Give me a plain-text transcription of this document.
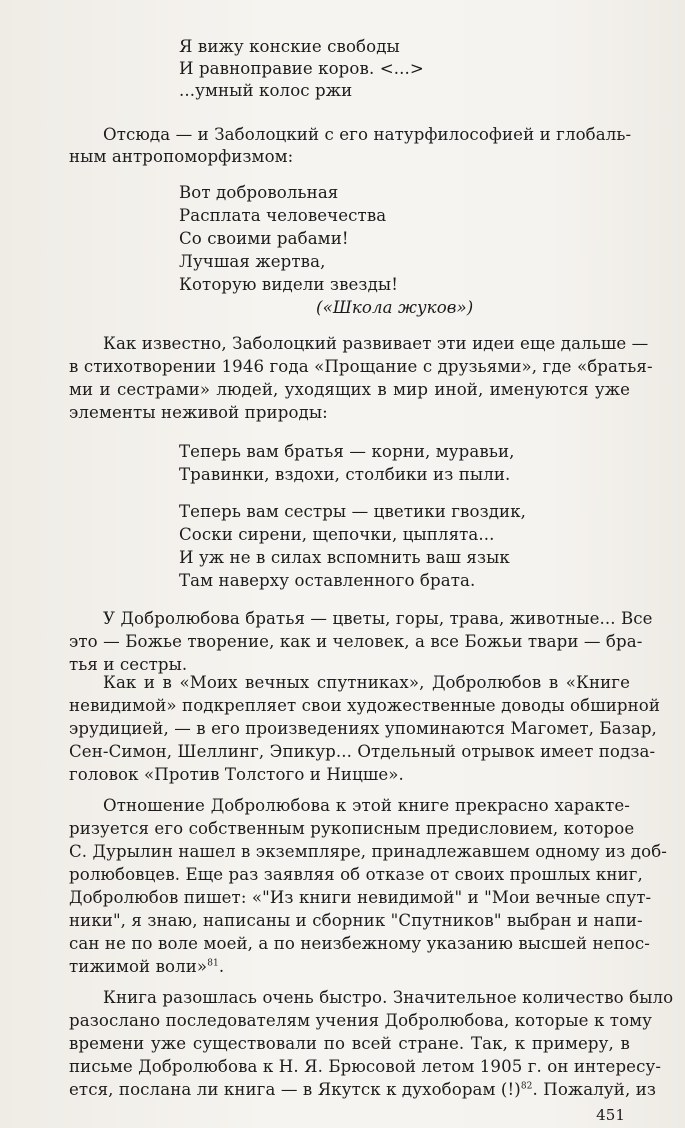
Я вижу конские свободы
И равноправие коров. <...>
...умный колос ржи
Отсюда — и Заболоцкий с его натурфилософией и глобаль-
ным антропоморфизмом:
Вот добровольная
Расплата человечества
Со своими рабами!
Лучшая жертва,
Которую видели звезды!
(«Школа жуков»)
Как известно, Заболоцкий развивает эти идеи еще дальше —
в стихотворении 1946 года «Прощание с друзьями», где «братья-
ми и сестрами» людей, уходящих в мир иной, именуются уже
элементы неживой природы:
Теперь вам братья — корни, муравьи,
Травинки, вздохи, столбики из пыли.
Теперь вам сестры — цветики гвоздик,
Соски сирени, щепочки, цыплята...
И уж не в силах вспомнить ваш язык
Там наверху оставленного брата.
У Добролюбова братья — цветы, горы, трава, животные... Все
это — Божье творение, как и человек, а все Божьи твари — бра-
тья и сестры.
Как и в «Моих вечных спутниках», Добролюбов в «Книге
невидимой» подкрепляет свои художественные доводы обширной
эрудицией, — в его произведениях упоминаются Магомет, Базар,
Сен-Симон, Шеллинг, Эпикур... Отдельный отрывок имеет подза-
головок «Против Толстого и Ницше».
Отношение Добролюбова к этой книге прекрасно характе-
ризуется его собственным рукописным предисловием, которое
С. Дурылин нашел в экземпляре, принадлежавшем одному из доб-
ролюбовцев. Еще раз заявляя об отказе от своих прошлых книг,
Добролюбов пишет: «"Из книги невидимой" и "Мои вечные спут-
ники", я знаю, написаны и сборник "Спутников" выбран и напи-
сан не по воле моей, а по неизбежному указанию высшей непос-
тижимой воли»$^{81}$.
Книга разошлась очень быстро. Значительное количество было
разослано последователям учения Добролюбова, которые к тому
времени уже существовали по всей стране. Так, к примеру, в
письме Добролюбова к Н. Я. Брюсовой летом 1905 г. он интересу-
ется, послана ли книга — в Якутск к духоборам (!)$^{82}$. Пожалуй, из
451
